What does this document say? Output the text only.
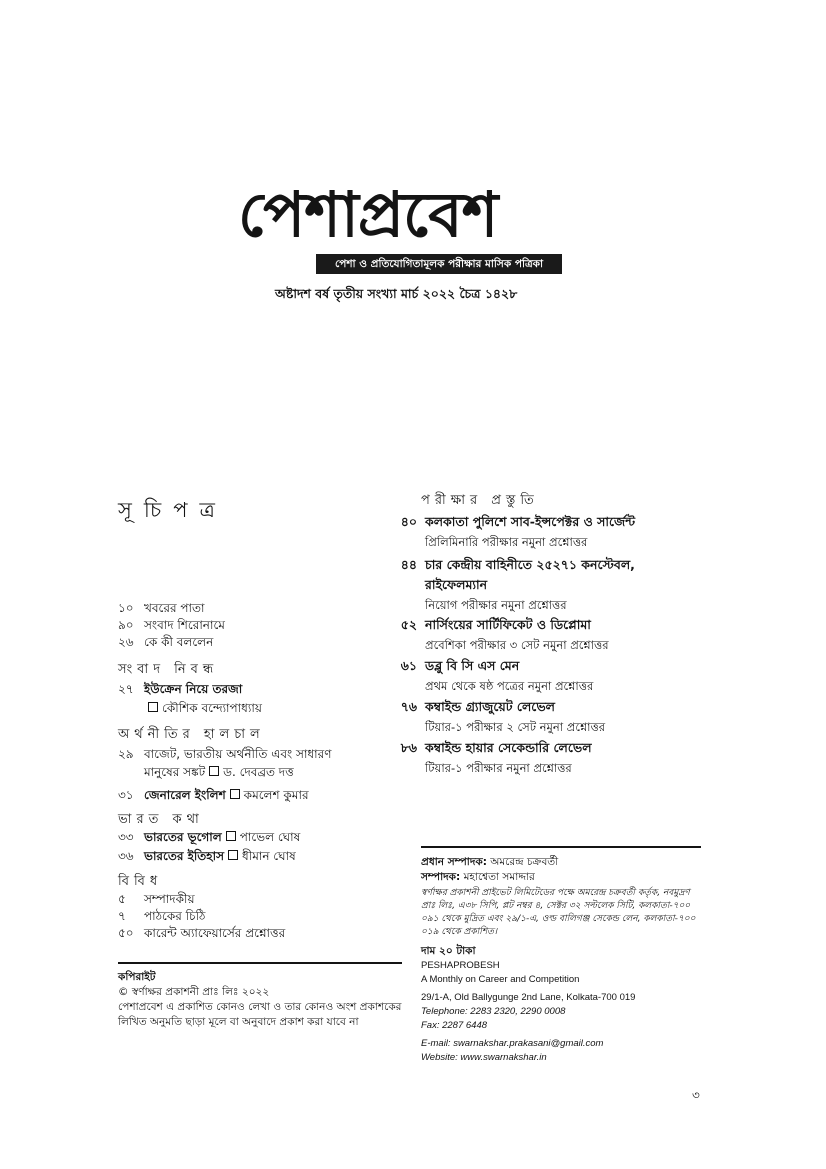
পেশাপ্রবেশ
পেশা ও প্রতিযোগিতামূলক পরীক্ষার মাসিক পত্রিকা
অষ্টাদশ বর্ষ তৃতীয় সংখ্যা মার্চ ২০২২ চৈত্র ১৪২৮
সূচিপত্র
১০ খবরের পাতা
৯০ সংবাদ শিরোনামে
২৬ কে কী বললেন
সংবাদ নিবন্ধ
২৭ ইউক্রেন নিয়ে তরজা
কৌশিক বন্দ্যোপাধ্যায়
অর্থনীতির হালচাল
২৯ বাজেট, ভারতীয় অর্থনীতি এবং সাধারণ
মানুষের সঙ্কট ড. দেবব্রত দত্ত
৩১ জেনারেল ইংলিশ কমলেশ কুমার
ভারত কথা
৩৩ ভারতের ভূগোল পাভেল ঘোষ
৩৬ ভারতের ইতিহাস ধীমান ঘোষ
বিবিধ
৫ সম্পাদকীয়
৭ পাঠকের চিঠি
৫০ কারেন্ট অ্যাফেয়ার্সের প্রশ্নোত্তর
কপিরাইট
© স্বর্ণাক্ষর প্রকাশনী প্রাঃ লিঃ ২০২২
পেশাপ্রবেশ এ প্রকাশিত কোনও লেখা ও তার কোনও অংশ প্রকাশকের লিখিত অনুমতি ছাড়া মূলে বা অনুবাদে প্রকাশ করা যাবে না
পরীক্ষার প্রস্তুতি
৪০ কলকাতা পুলিশে সাব-ইন্সপেক্টর ও সার্জেন্ট
প্রিলিমিনারি পরীক্ষার নমুনা প্রশ্নোত্তর
৪৪ চার কেন্দ্রীয় বাহিনীতে ২৫২৭১ কনস্টেবল,
রাইফেলম্যান
নিয়োগ পরীক্ষার নমুনা প্রশ্নোত্তর
৫২ নার্সিংয়ের সার্টিফিকেট ও ডিপ্লোমা
প্রবেশিকা পরীক্ষার ৩ সেট নমুনা প্রশ্নোত্তর
৬১ ডব্লু বি সি এস মেন
প্রথম থেকে ষষ্ঠ পত্রের নমুনা প্রশ্নোত্তর
৭৬ কম্বাইন্ড গ্র্যাজুয়েট লেভেল
টিয়ার-১ পরীক্ষার ২ সেট নমুনা প্রশ্নোত্তর
৮৬ কম্বাইন্ড হায়ার সেকেন্ডারি লেভেল
টিয়ার-১ পরীক্ষার নমুনা প্রশ্নোত্তর
প্রধান সম্পাদক: অমরেন্দ্র চক্রবর্তী
সম্পাদক: মহাশ্বেতা সমাদ্দার
স্বর্ণাক্ষর প্রকাশনী প্রাইভেট লিমিটেডের পক্ষে অমরেন্দ্র চক্রবর্তী কর্তৃক, নবমুদ্রণ প্রাঃ লিঃ, এ৩৮ সিপি, প্লট নম্বর ৪, সেক্টর ৩২ সল্টলেক সিটি, কলকাতা-৭০০ ০৯১ থেকে মুদ্রিত এবং ২৯/১-এ, ওল্ড বালিগঞ্জ সেকেন্ড লেন, কলকাতা-৭০০ ০১৯ থেকে প্রকাশিত।
দাম ২০ টাকা
PESHAPROBESH
A Monthly on Career and Competition
29/1-A, Old Ballygunge 2nd Lane, Kolkata-700 019
Telephone: 2283 2320, 2290 0008
Fax: 2287 6448
E-mail: swarnakshar.prakasani@gmail.com
Website: www.swarnakshar.in
৩
